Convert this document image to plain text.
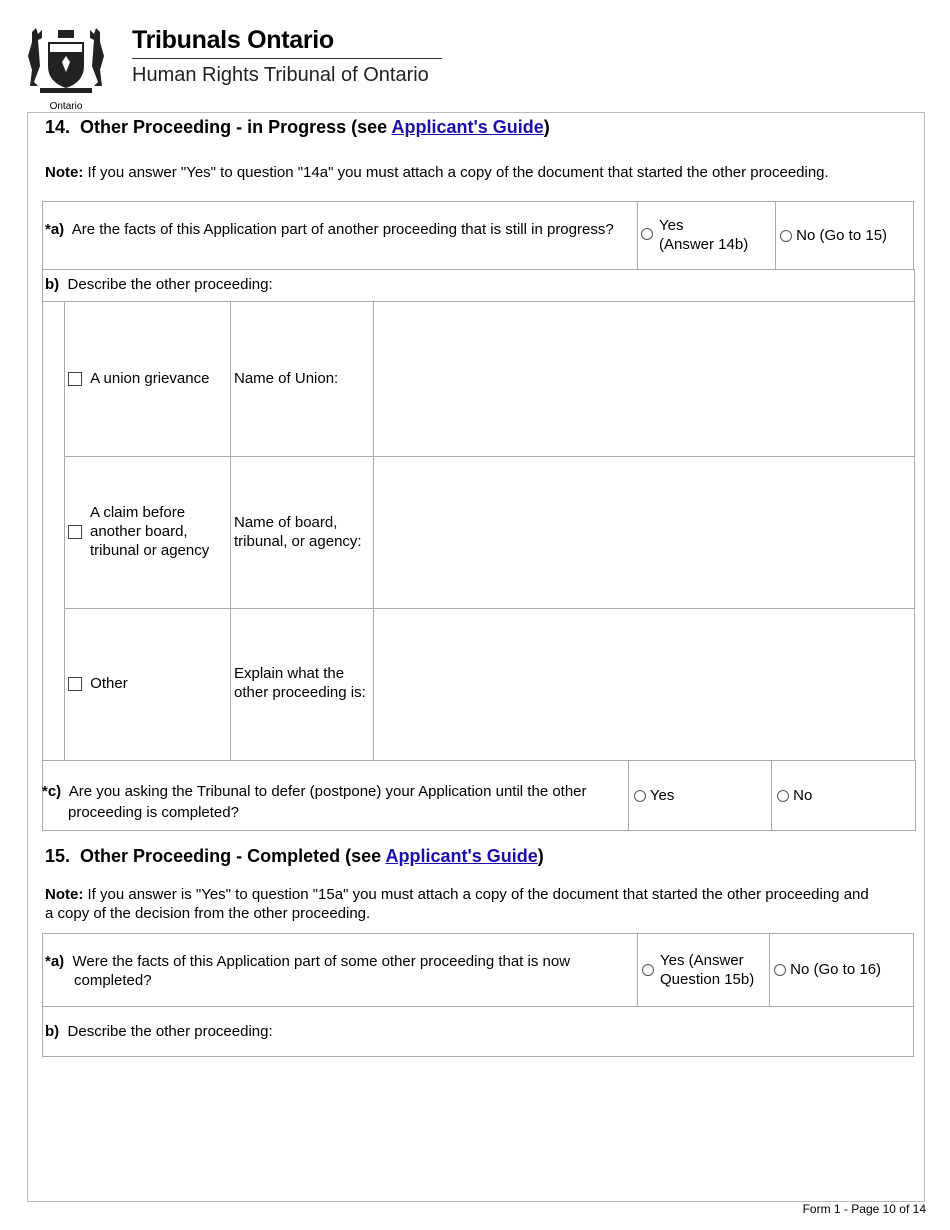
Ontario
Tribunals Ontario
Human Rights Tribunal of Ontario
14. Other Proceeding - in Progress (see Applicant's Guide)
Note: If you answer "Yes" to question "14a" you must attach a copy of the document that started the other proceeding.
*a) Are the facts of this Application part of another proceeding that is still in progress?	Yes
(Answer 14b)
No (Go to 15)
b) Describe the other proceeding:
A union grievance Name of Union:
A claim before
another board,
tribunal or agency
Name of board,
tribunal, or agency:
Other
Explain what the
other proceeding is:
*c) Are you asking the Tribunal to defer (postpone) your Application until the other
proceeding is completed?
Yes	No
15. Other Proceeding - Completed (see Applicant's Guide)
Note: If you answer is "Yes" to question "15a" you must attach a copy of the document that started the other proceeding and
a copy of the decision from the other proceeding.
*a) Were the facts of this Application part of some other proceeding that is now
completed?
Yes (Answer
Question 15b)
No (Go to 16)
b) Describe the other proceeding:
Form 1 - Page 10 of 14
